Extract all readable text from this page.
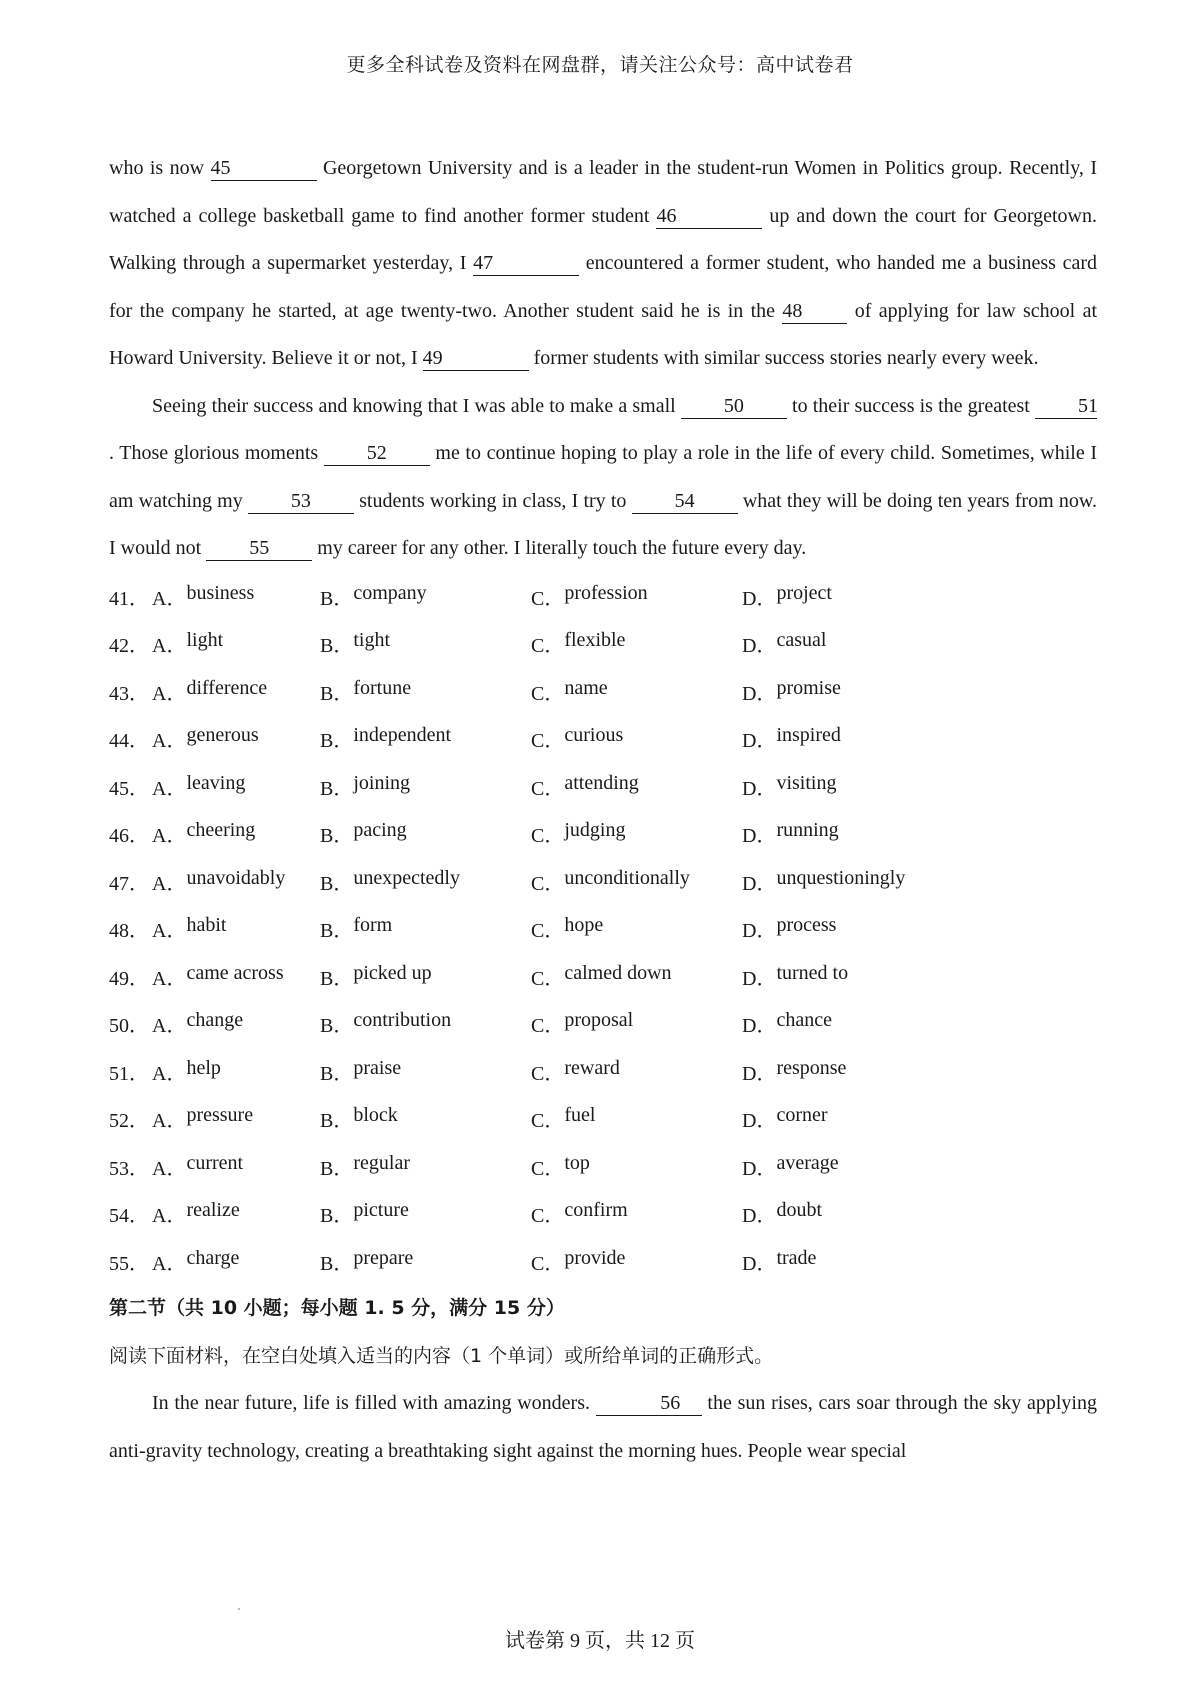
更多全科试卷及资料在网盘群，请关注公众号：高中试卷君

who is now 45	Georgetown University and is a leader in the student-run Women in Politics group. Recently, I watched a college basketball game to find another former student 46	up and down the court for Georgetown. Walking through a supermarket yesterday, I 47	encountered a former student, who handed me a business card for the company he started, at age twenty-two. Another student said he is in the 48 of applying for law school at Howard University. Believe it or not, I 49	former students with similar success stories nearly every week.

Seeing their success and knowing that I was able to make a small 50 to their success is the greatest 51. Those glorious moments 52 me to continue hoping to play a role in the life of every child. Sometimes, while I am watching my 53 students working in class, I try to 54 what they will be doing ten years from now. I would not 55 my career for any other. I literally touch the future every day.

41． A． business	B． company	C． profession	D． project
42． A． light	B． tight	C． flexible	D． casual
43． A． difference	B． fortune	C． name	D． promise
44． A． generous	B． independent	C． curious	D． inspired
45． A． leaving	B． joining	C． attending	D． visiting
46． A． cheering	B． pacing	C． judging	D． running
47． A． unavoidably B． unexpectedly	C． unconditionally	D． unquestioningly
48． A． habit	B． form	C． hope	D． process
49． A． came across B． picked up	C． calmed down	D． turned to
50． A． change	B． contribution	C． proposal	D． chance
51． A． help	B． praise	C． reward	D． response
52． A． pressure	B． block	C． fuel	D． corner
53． A． current	B． regular	C． top	D． average
54． A． realize	B． picture	C． confirm	D． doubt
55． A． charge	B． prepare	C． provide	D． trade
第二节（共 10 小题；每小题 1. 5 分，满分 15 分）
阅读下面材料，在空白处填入适当的内容（1 个单词）或所给单词的正确形式。

In the near future, life is filled with amazing wonders.	56 the sun rises, cars soar through the sky applying anti-gravity technology, creating a breathtaking sight against the morning hues. People wear special

试卷第 9 页，共 12 页
